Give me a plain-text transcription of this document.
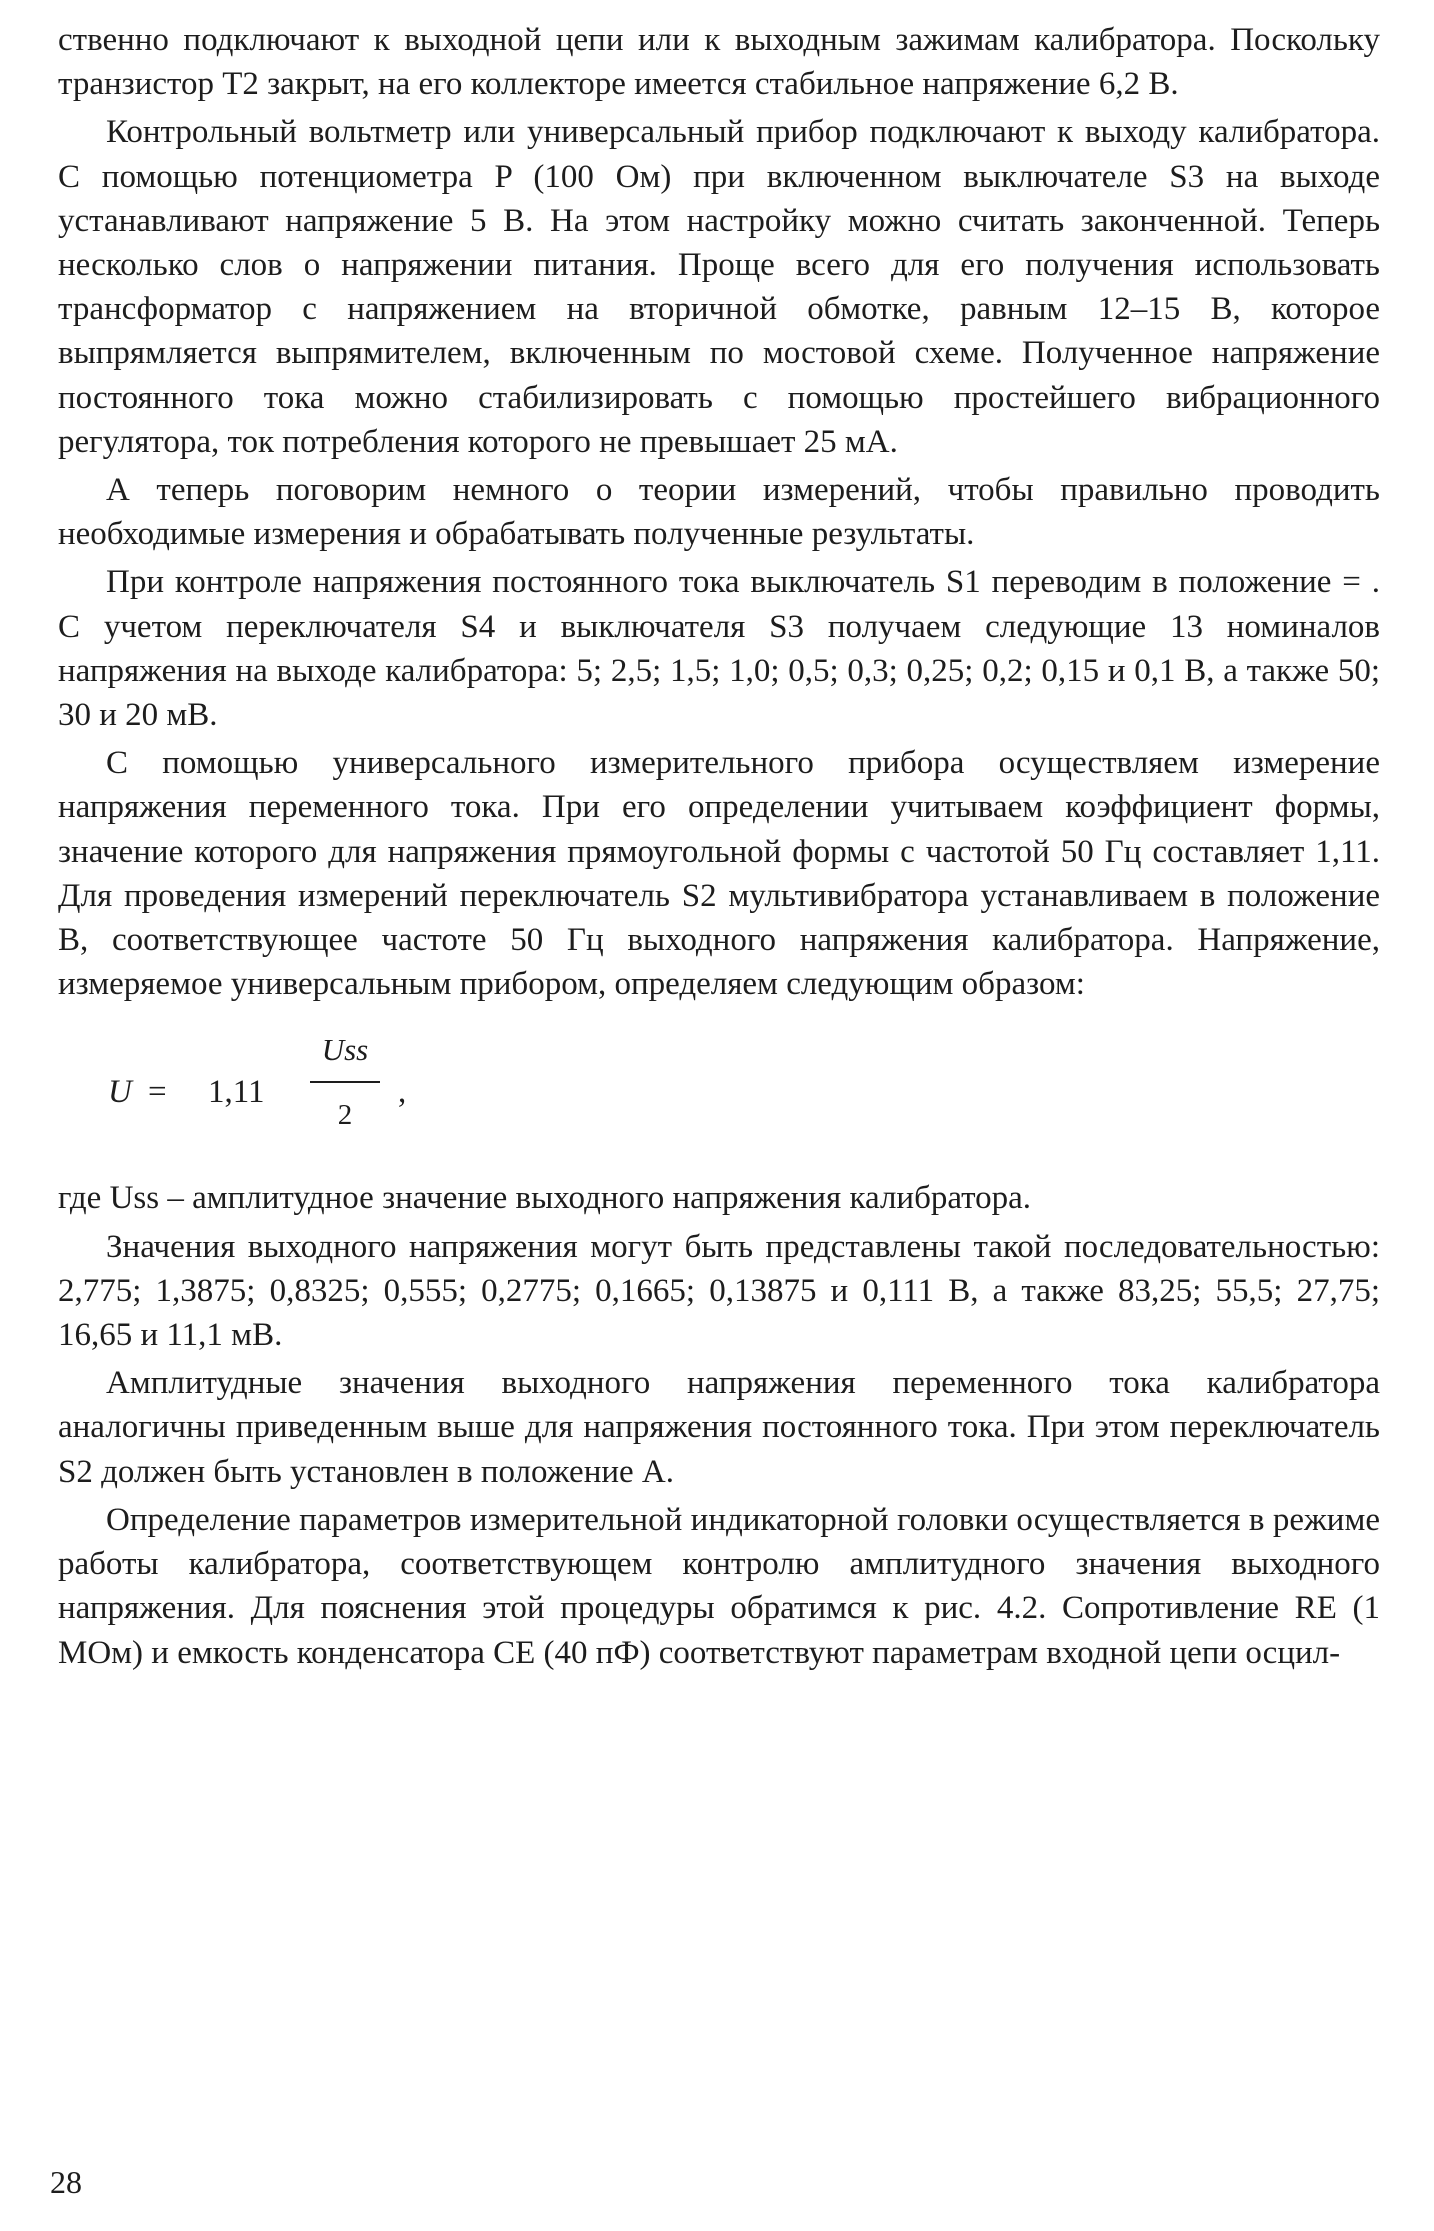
ственно подключают к выходной цепи или к выходным зажимам калибратора. Поскольку транзистор T2 закрыт, на его коллекторе имеется стабильное напряжение 6,2 В.

Контрольный вольтметр или универсальный прибор подключают к выходу калибратора. С помощью потенциометра P (100 Ом) при включенном выключателе S3 на выходе устанавливают напряжение 5 В. На этом настройку можно считать законченной. Теперь несколько слов о напряжении питания. Проще всего для его получения использовать трансформатор с напряжением на вторичной обмотке, равным 12–15 В, которое выпрямляется выпрямителем, включенным по мостовой схеме. Полученное напряжение постоянного тока можно стабилизировать с помощью простейшего вибрационного регулятора, ток потребления которого не превышает 25 мА.

А теперь поговорим немного о теории измерений, чтобы правильно проводить необходимые измерения и обрабатывать полученные результаты.

При контроле напряжения постоянного тока выключатель S1 переводим в положение = . С учетом переключателя S4 и выключателя S3 получаем следующие 13 номиналов напряжения на выходе калибратора: 5; 2,5; 1,5; 1,0; 0,5; 0,3; 0,25; 0,2; 0,15 и 0,1 В, а также 50; 30 и 20 мВ.

С помощью универсального измерительного прибора осуществляем измерение напряжения переменного тока. При его определении учитываем коэффициент формы, значение которого для напряжения прямоугольной формы с частотой 50 Гц составляет 1,11. Для проведения измерений переключатель S2 мультивибратора устанавливаем в положение B, соответствующее частоте 50 Гц выходного напряжения калибратора. Напряжение, измеряемое универсальным прибором, определяем следующим образом:

U = 1,11
Uss
2
,

где Uss – амплитудное значение выходного напряжения калибратора.

Значения выходного напряжения могут быть представлены такой последовательностью: 2,775; 1,3875; 0,8325; 0,555; 0,2775; 0,1665; 0,13875 и 0,111 В, а также 83,25; 55,5; 27,75; 16,65 и 11,1 мВ.

Амплитудные значения выходного напряжения переменного тока калибратора аналогичны приведенным выше для напряжения постоянного тока. При этом переключатель S2 должен быть установлен в положение A.

Определение параметров измерительной индикаторной головки осуществляется в режиме работы калибратора, соответствующем контролю амплитудного значения выходного напряжения. Для пояснения этой процедуры обратимся к рис. 4.2. Сопротивление RE (1 МОм) и емкость конденсатора CE (40 пФ) соответствуют параметрам входной цепи осцил-

28
